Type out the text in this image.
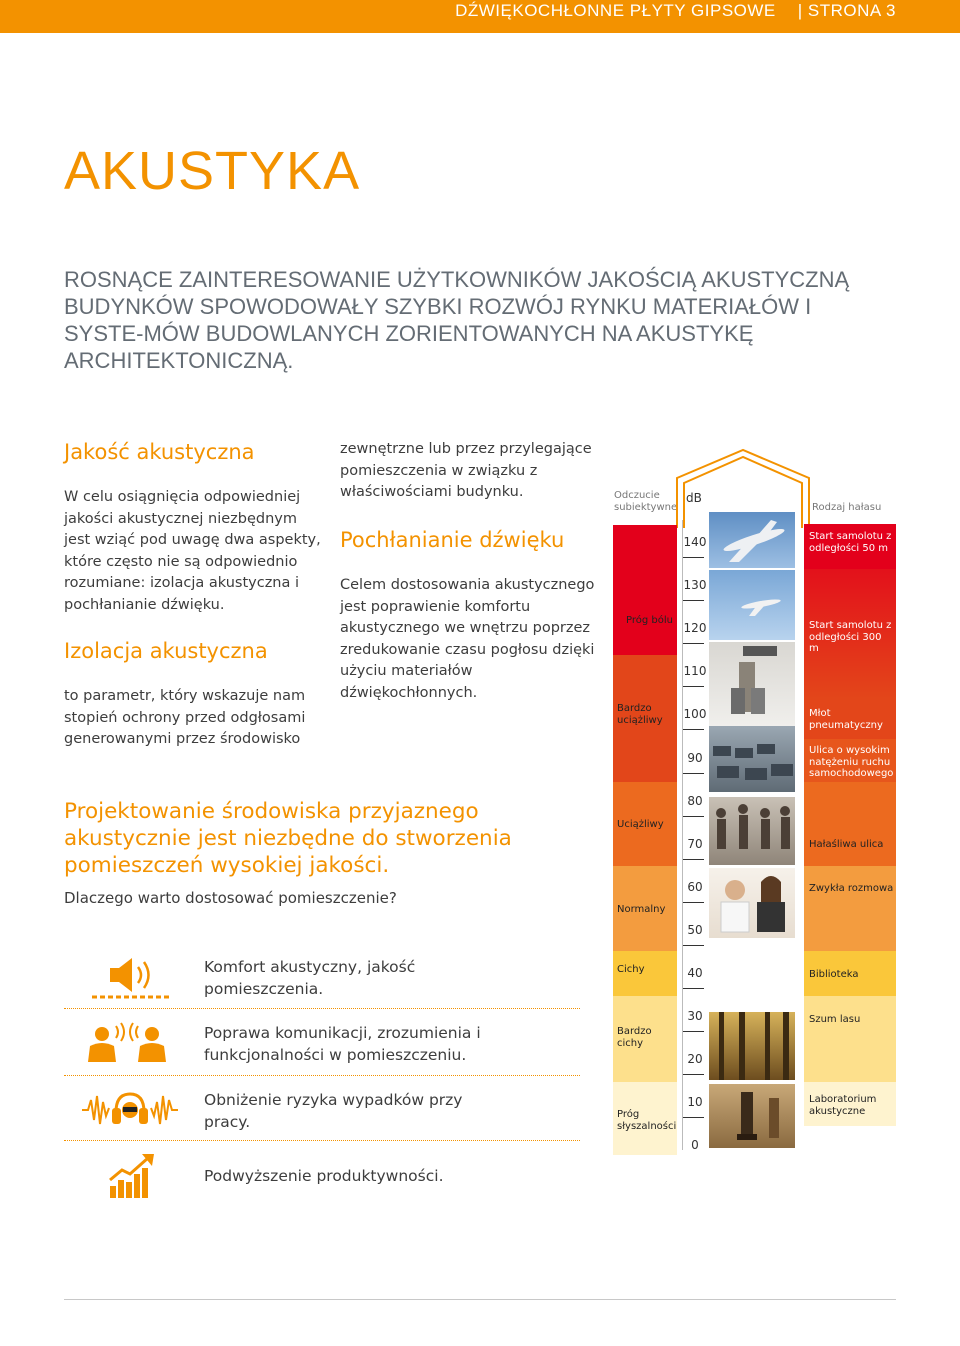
DŹWIĘKOCHŁONNE PŁYTY GIPSOWE | STRONA 3
AKUSTYKA

ROSNĄCE ZAINTERESOWANIE UŻYTKOWNIKÓW JAKOŚCIĄ AKUSTYCZNĄ BUDYNKÓW SPOWODOWAŁY SZYBKI ROZWÓJ RYNKU MATERIAŁÓW I SYSTE-MÓW BUDOWLANYCH ZORIENTOWANYCH NA AKUSTYKĘ ARCHITEKTONICZNĄ.

Jakość akustyczna

W celu osiągnięcia odpowiedniej jakości akustycznej niezbędnym jest wziąć pod uwagę dwa aspekty, które często nie są odpowiednio rozumiane: izolacja akustyczna i pochłanianie dźwięku.

Izolacja akustyczna

to parametr, który wskazuje nam stopień ochrony przed odgłosami generowanymi przez środowisko

zewnętrzne lub przez przylegające pomieszczenia w związku z właściwościami budynku.

Pochłanianie dźwięku

Celem dostosowania akustycznego jest poprawienie komfortu akustycznego we wnętrzu poprzez zredukowanie czasu pogłosu dzięki użyciu materiałów dźwiękochłonnych.

Projektowanie środowiska przyjaznego akustycznie jest niezbędne do stworzenia pomieszczeń wysokiej jakości.

Dlaczego warto dostosować pomieszczenie?

Komfort akustyczny, jakość pomieszczenia.

Poprawa komunikacji, zrozumienia i funkcjonalności w pomieszczeniu.

Obniżenie ryzyka wypadków przy pracy.

Podwyższenie produktywności.

Odczucie subiektywne
dB
Rodzaj hałasu
Próg bólu
Bardzo uciążliwy
Uciążliwy
Normalny
Cichy
Bardzo cichy
Próg słyszalności
140
130
120
110
100
90
80
70
60
50
40
30
20
10
0
Start samolotu z odległości 50 m
Start samolotu z odległości 300 m
Młot pneumatyczny
Ulica o wysokim natężeniu ruchu samochodowego
Hałaśliwa ulica
Zwykła rozmowa
Biblioteka
Szum lasu
Laboratorium akustyczne
